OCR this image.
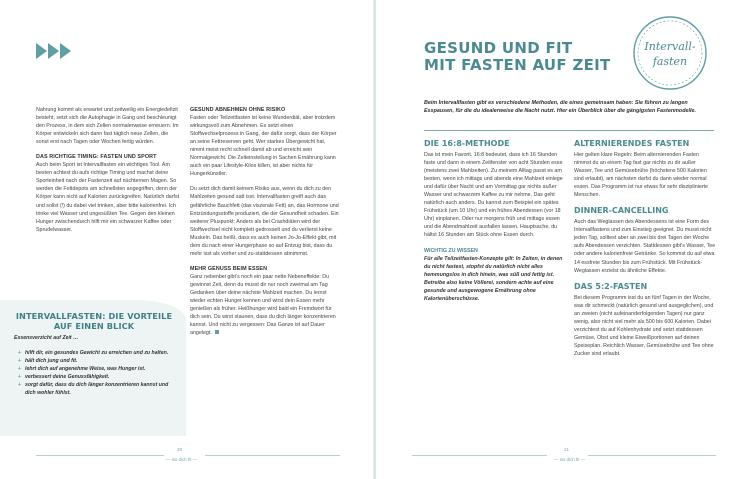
Nahrung kommt als erwartet und zeitweilig ein Energiedefizit besteht, setzt sich die Autophagie in Gang und beschleunigt den Prozess, in dem sich Zellen normalerweise erneuern. Im Körper entwickeln sich dann fast täglich neue Zellen, die sonst erst nach Tagen oder Wochen fertig würden.

DAS RICHTIGE TIMING: FASTEN UND SPORT

Auch beim Sport ist Intervallfasten ein wichtiges Tool. Am besten achtest du aufs richtige Timing und machst deine Sporteinheit nach der Fastenzeit auf nüchternen Magen. So werden die Fettdepots am schnellsten angegriffen, denn der Körper kann nicht auf Kalorien zurückgreifen. Natürlich darfst und sollst (!) du dabei viel trinken, aber bitte kalorienfrei. Ich trinke viel Wasser und ungesüßten Tee. Gegen den kleinen Hunger zwischendurch hilft mir ein schwarzer Kaffee oder Sprudelwasser.

GESUND ABNEHMEN OHNE RISIKO

Fasten oder Teilzeitfasten ist keine Wunderdiät, aber trotzdem wirkungsvoll zum Abnehmen. Es setzt einen Stoffwechselprozess in Gang, der dafür sorgt, dass der Körper an seine Fettreserven geht. Wer starkes Übergewicht hat, nimmt meist recht schnell damit ab und erreicht sein Normalgewicht. Die Zeiteinstellung in Sachen Ernährung kann auch ein paar Lifestyle-Kilos killen, ist aber nichts für Hungerkünstler.

Du setzt dich damit keinem Risiko aus, wenn du dich zu den Mahlzeiten gesund satt isst. Intervallfasten greift auch das gefährliche Bauchfett (das viszerale Fett) an, das Hormone und Entzündungsstoffe produziert, die der Gesundheit schaden. Ein weiterer Pluspunkt: Anders als bei Crashdiäten wird der Stoffwechsel nicht komplett gedrosselt und du verlierst keine Muskeln. Das heißt, dass es auch keinen Jo-Jo-Effekt gibt, mit dem du nach einer Hungerphase so auf Entzug bist, dass du mehr isst als vorher und zu-stattdessen abnimmst.

MEHR GENUSS BEIM ESSEN

Ganz nebenbei gibt's noch ein paar nette Nebeneffekte: Du gewinnst Zeit, denn du musst dir nur noch zweimal am Tag Gedanken über deine nächste Mahlzeit machen. Du lernst wieder echten Hunger kennen und wirst dein Essen mehr genießen als früher. Heißhunger wird bald ein Fremdwort für dich sein. Du wirst staunen, dass du dich länger konzentrieren kannst. Und nicht zu vergessen: Das Ganze ist auf Dauer angelegt.

INTERVALLFASTEN: DIE VORTEILE AUF EINEN BLICK
Essensverzicht auf Zeit …
+ hilft dir, ein gesundes Gewicht zu erreichen und zu halten.
+ hält dich jung und fit.
+ lehrt dich auf angenehme Weise, was Hunger ist.
+ verbessert deine Genussfähigkeit.
+ sorgt dafür, dass du dich länger konzentrieren kannst und dich wohler fühlst.
20
— iss dich fit —
GESUND UND FIT
MIT FASTEN AUF ZEIT
Intervall-
fasten
Beim Intervallfasten gibt es verschiedene Methoden, die eines gemeinsam haben: Sie führen zu langen Esspausen, für die du idealerweise die Nacht nutzt. Hier ein Überblick über die gängigsten Fastenmodelle.
DIE 16:8-METHODE

Das ist mein Favorit. 16:8 bedeutet, dass ich 16 Stunden faste und dann in einem Zeitfenster von acht Stunden esse (meistens zwei Mahlzeiten). Zu meinem Alltag passt es am besten, wenn ich mittags und abends eine Mahlzeit einlege und dafür über Nacht und am Vormittag gar nichts außer Wasser und schwarzem Kaffee zu mir nehme. Das geht natürlich auch anders. Du kannst zum Beispiel ein spätes Frühstück (um 10 Uhr) und ein frühes Abendessen (vor 18 Uhr) einplanen. Oder nur morgens früh und mittags essen und die Abendmahlzeit ausfallen lassen. Hauptsache, du hältst 16 Stunden am Stück ohne Essen durch.

WICHTIG ZU WISSEN

Für alle Teilzeitfasten-Konzepte gilt: In Zeiten, in denen du nicht fastest, stopfst du natürlich nicht alles hemmungslos in dich hinein, was süß und fettig ist. Betreibe also keine Völlerei, sondern achte auf eine gesunde und ausgewogene Ernährung ohne Kalorienüberschüsse.

ALTERNIERENDES FASTEN

Hier gelten klare Regeln: Beim alternierenden Fasten nimmst du an einem Tag fast gar nichts zu dir außer Wasser, Tee und Gemüsebrühe (höchstens 500 Kalorien sind erlaubt), am nächsten darfst du dann wieder normal essen. Das Programm ist nur etwas für sehr disziplinierte Menschen.

DINNER-CANCELLING

Auch das Weglassen des Abendessens ist eine Form des Intervallfastens und zum Einstieg geeignet. Du musst nicht jeden Tag, solltest aber an zwei bis drei Tagen der Woche aufs Abendessen verzichten. Stattdessen gibt's Wasser, Tee oder andere kalorienfreie Getränke. So kommst du auf etwa 14 essfreie Stunden bis zum Frühstück. Mit Frühstück-Weglassen erzielst du ähnliche Effekte.

DAS 5:2-FASTEN

Bei diesem Programm isst du an fünf Tagen in der Woche, was dir schmeckt (natürlich gesund und ausgeglichen), und an zweien (nicht aufeinanderfolgenden Tagen) nur ganz wenig, also nicht viel mehr als 500 bis 600 Kalorien. Dabei verzichtest du auf Kohlenhydrate und setzt stattdessen Gemüse, Obst und kleine Eiweißportionen auf deinen Speiseplan. Reichlich Wasser, Gemüsebrühe und Tee ohne Zucker sind erlaubt.

21
— iss dich fit —
